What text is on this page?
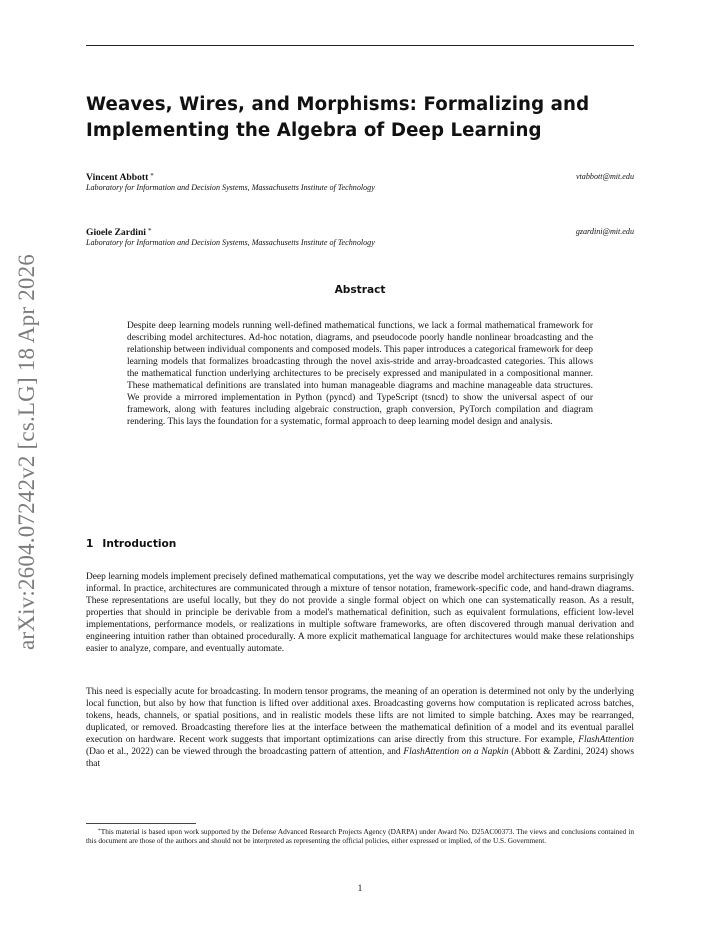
arXiv:2604.07242v2 [cs.LG] 18 Apr 2026
Weaves, Wires, and Morphisms: Formalizing and Implementing the Algebra of Deep Learning
Vincent Abbott *
Laboratory for Information and Decision Systems, Massachusetts Institute of Technology
vtabbott@mit.edu
Gioele Zardini *
Laboratory for Information and Decision Systems, Massachusetts Institute of Technology
gzardini@mit.edu
Abstract

Despite deep learning models running well-defined mathematical functions, we lack a formal mathematical framework for describing model architectures. Ad-hoc notation, diagrams, and pseudocode poorly handle nonlinear broadcasting and the relationship between individual components and composed models. This paper introduces a categorical framework for deep learning models that formalizes broadcasting through the novel axis-stride and array-broadcasted categories. This allows the mathematical function underlying architectures to be precisely expressed and manipulated in a compositional manner. These mathematical definitions are translated into human manageable diagrams and machine manageable data structures. We provide a mirrored implementation in Python (pyncd) and TypeScript (tsncd) to show the universal aspect of our framework, along with features including algebraic construction, graph conversion, PyTorch compilation and diagram rendering. This lays the foundation for a systematic, formal approach to deep learning model design and analysis.

1 Introduction

Deep learning models implement precisely defined mathematical computations, yet the way we describe model architectures remains surprisingly informal. In practice, architectures are communicated through a mixture of tensor notation, framework-specific code, and hand-drawn diagrams. These representations are useful locally, but they do not provide a single formal object on which one can systematically reason. As a result, properties that should in principle be derivable from a model's mathematical definition, such as equivalent formulations, efficient low-level implementations, performance models, or realizations in multiple software frameworks, are often discovered through manual derivation and engineering intuition rather than obtained procedurally. A more explicit mathematical language for architectures would make these relationships easier to analyze, compare, and eventually automate.

This need is especially acute for broadcasting. In modern tensor programs, the meaning of an operation is determined not only by the underlying local function, but also by how that function is lifted over additional axes. Broadcasting governs how computation is replicated across batches, tokens, heads, channels, or spatial positions, and in realistic models these lifts are not limited to simple batching. Axes may be rearranged, duplicated, or removed. Broadcasting therefore lies at the interface between the mathematical definition of a model and its eventual parallel execution on hardware. Recent work suggests that important optimizations can arise directly from this structure. For example, FlashAttention (Dao et al., 2022) can be viewed through the broadcasting pattern of attention, and FlashAttention on a Napkin (Abbott & Zardini, 2024) shows that

*This material is based upon work supported by the Defense Advanced Research Projects Agency (DARPA) under Award No. D25AC00373. The views and conclusions contained in this document are those of the authors and should not be interpreted as representing the official policies, either expressed or implied, of the U.S. Government.

1
